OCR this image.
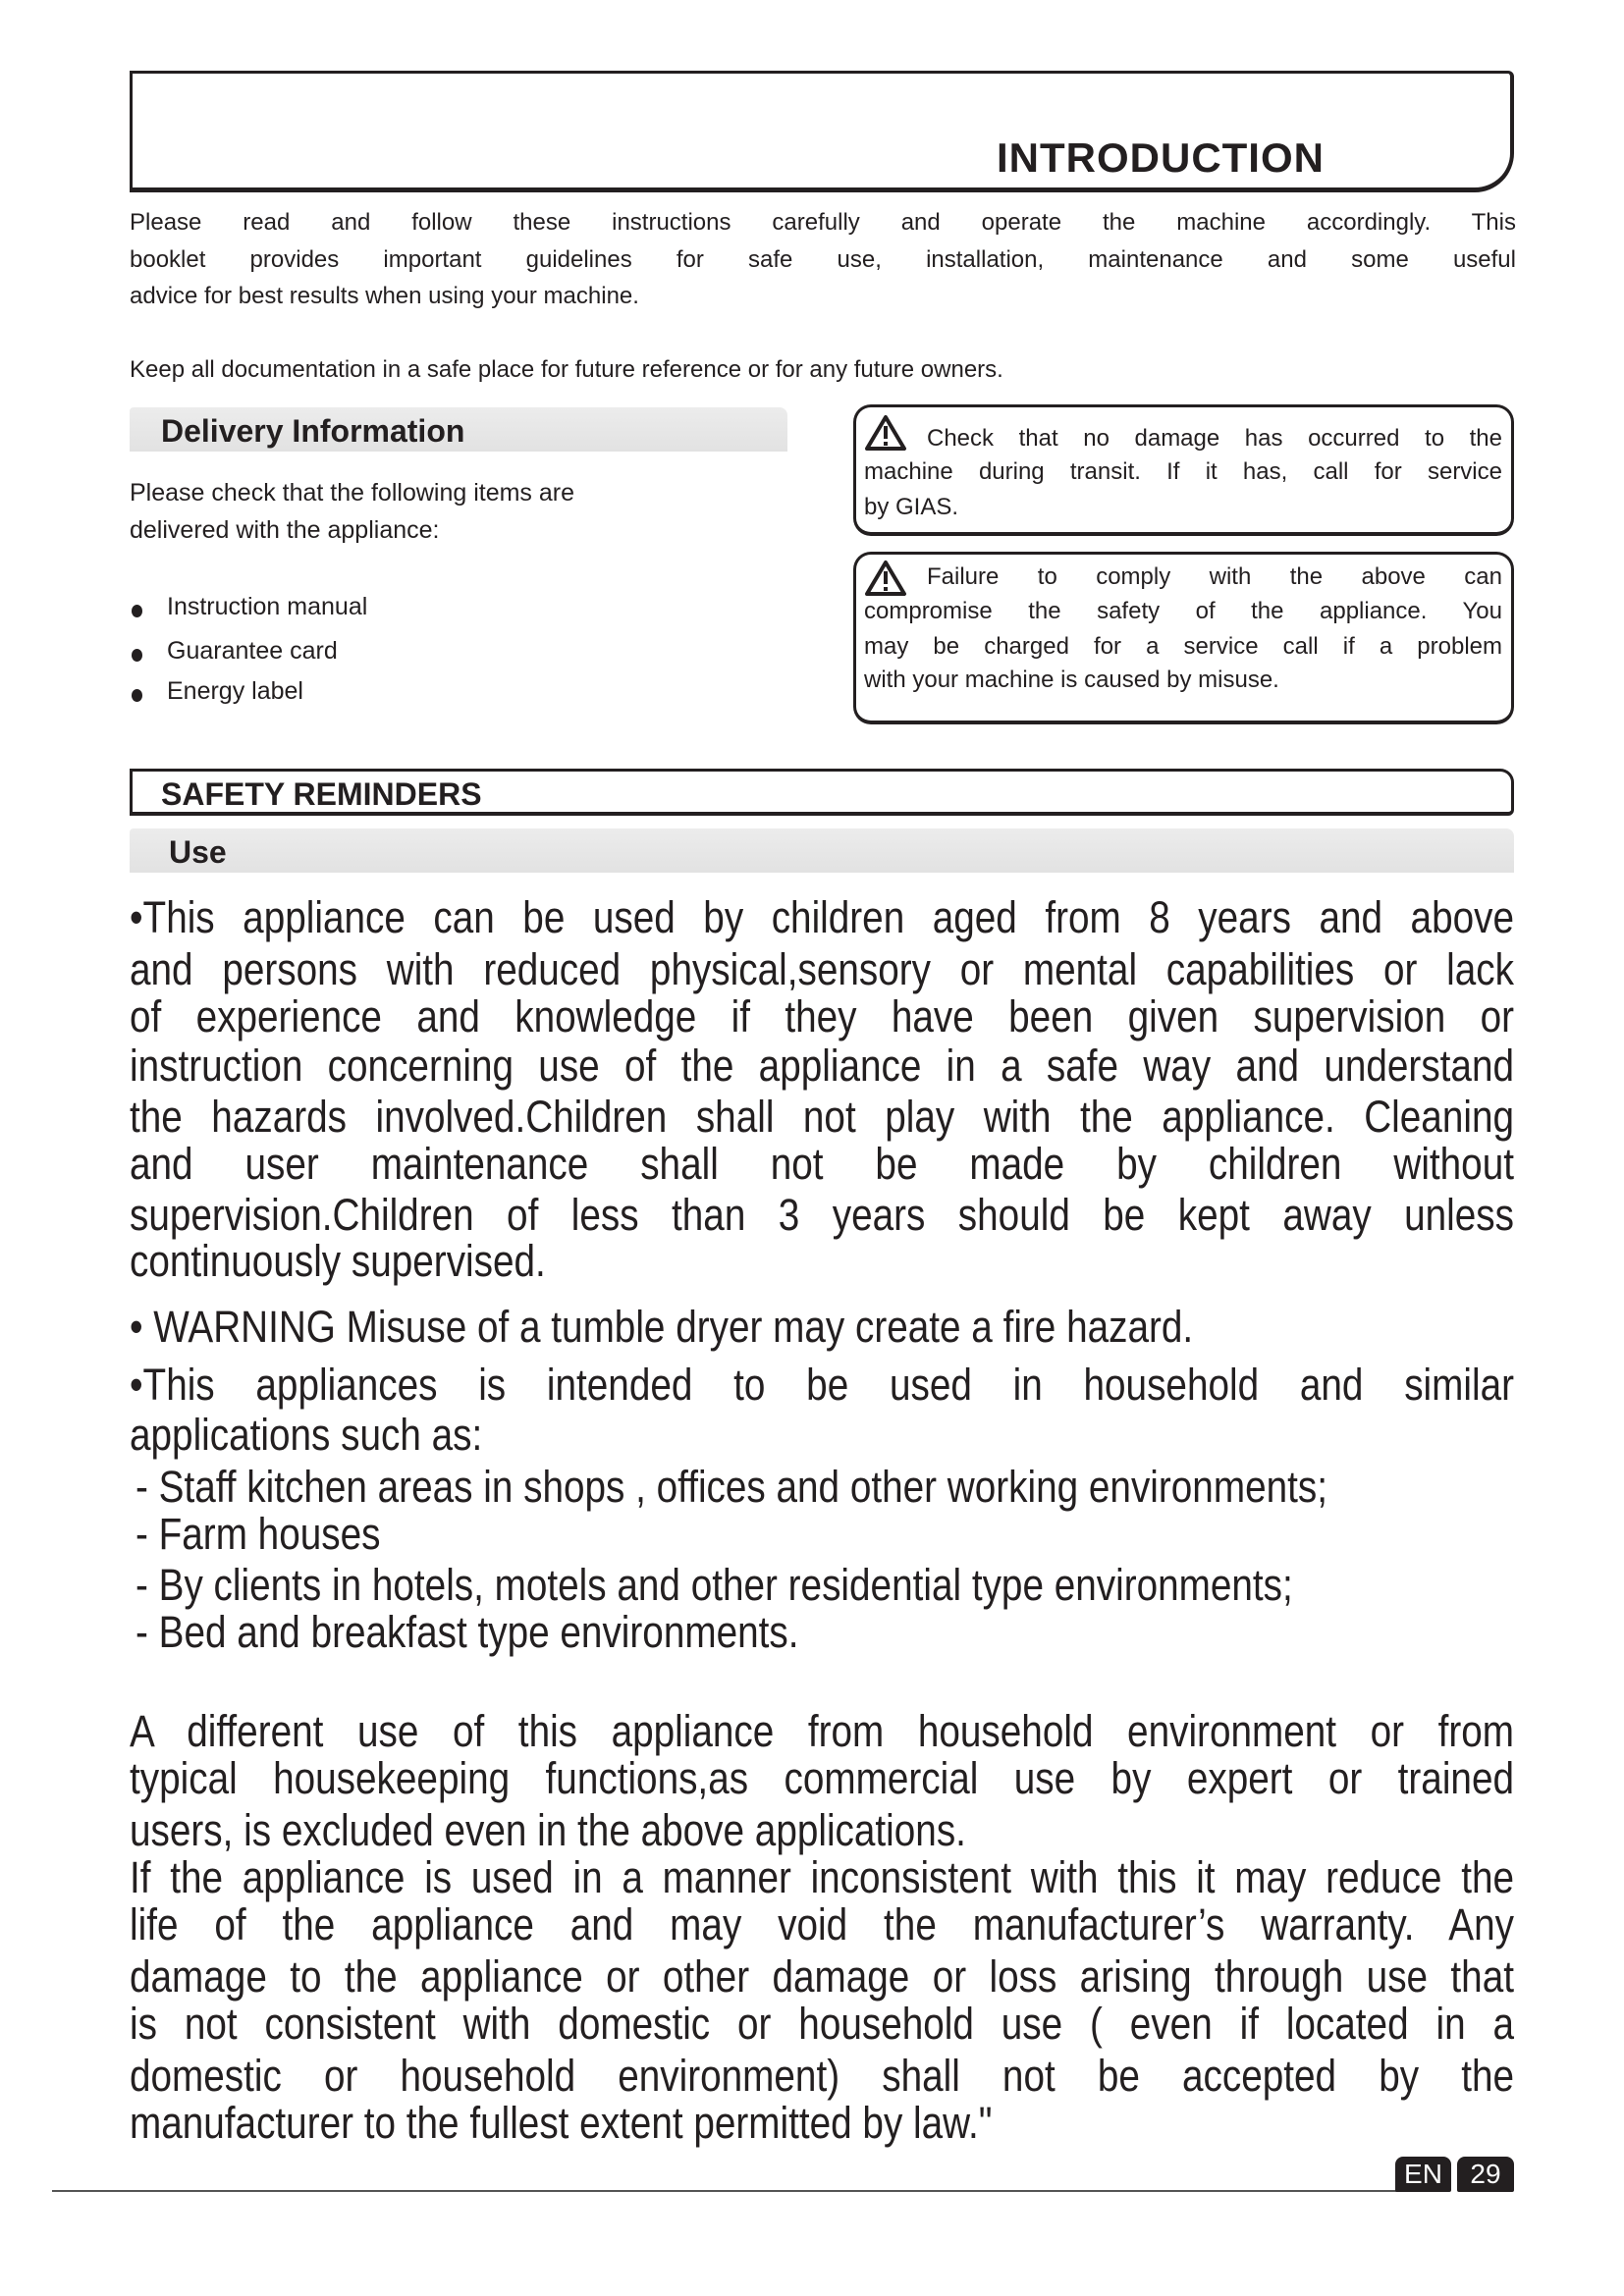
INTRODUCTION
Delivery Information
SAFETY REMINDERS
Use
EN	29
Please read and follow these instructions carefully and operate the machine accordingly. This
booklet provides important guidelines for safe use, installation, maintenance and some useful
advice for best results when using your machine.
Keep all documentation in a safe place for future reference or for any future owners.
Please check that the following items are
delivered with the appliance:
Instruction manual
Guarantee card
Energy label
Check that no damage has occurred to the
machine during transit. If it has, call for service
by GIAS.
Failure to comply with the above can
compromise the safety of the appliance. You
may be charged for a service call if a problem
with your machine is caused by misuse.
•This appliance can be used by children aged from 8 years and above
and persons with reduced physical,sensory or mental capabilities or lack
of experience and knowledge if they have been given supervision or
instruction concerning use of the appliance in a safe way and understand
the hazards involved.Children shall not play with the appliance. Cleaning
and user maintenance shall not be made by children without
supervision.Children of less than 3 years should be kept away unless
continuously supervised.
• WARNING Misuse of a tumble dryer may create a fire hazard.
•This appliances is intended to be used in household and similar
applications such as:
- Staff kitchen areas in shops , offices and other working environments;
- Farm houses
- By clients in hotels, motels and other residential type environments;
- Bed and breakfast type environments.
A different use of this appliance from household environment or from
typical housekeeping functions,as commercial use by expert or trained
users, is excluded even in the above applications.
If the appliance is used in a manner inconsistent with this it may reduce the
life of the appliance and may void the manufacturer’s warranty. Any
damage to the appliance or other damage or loss arising through use that
is not consistent with domestic or household use ( even if located in a
domestic or household environment) shall not be accepted by the
manufacturer to the fullest extent permitted by law."
